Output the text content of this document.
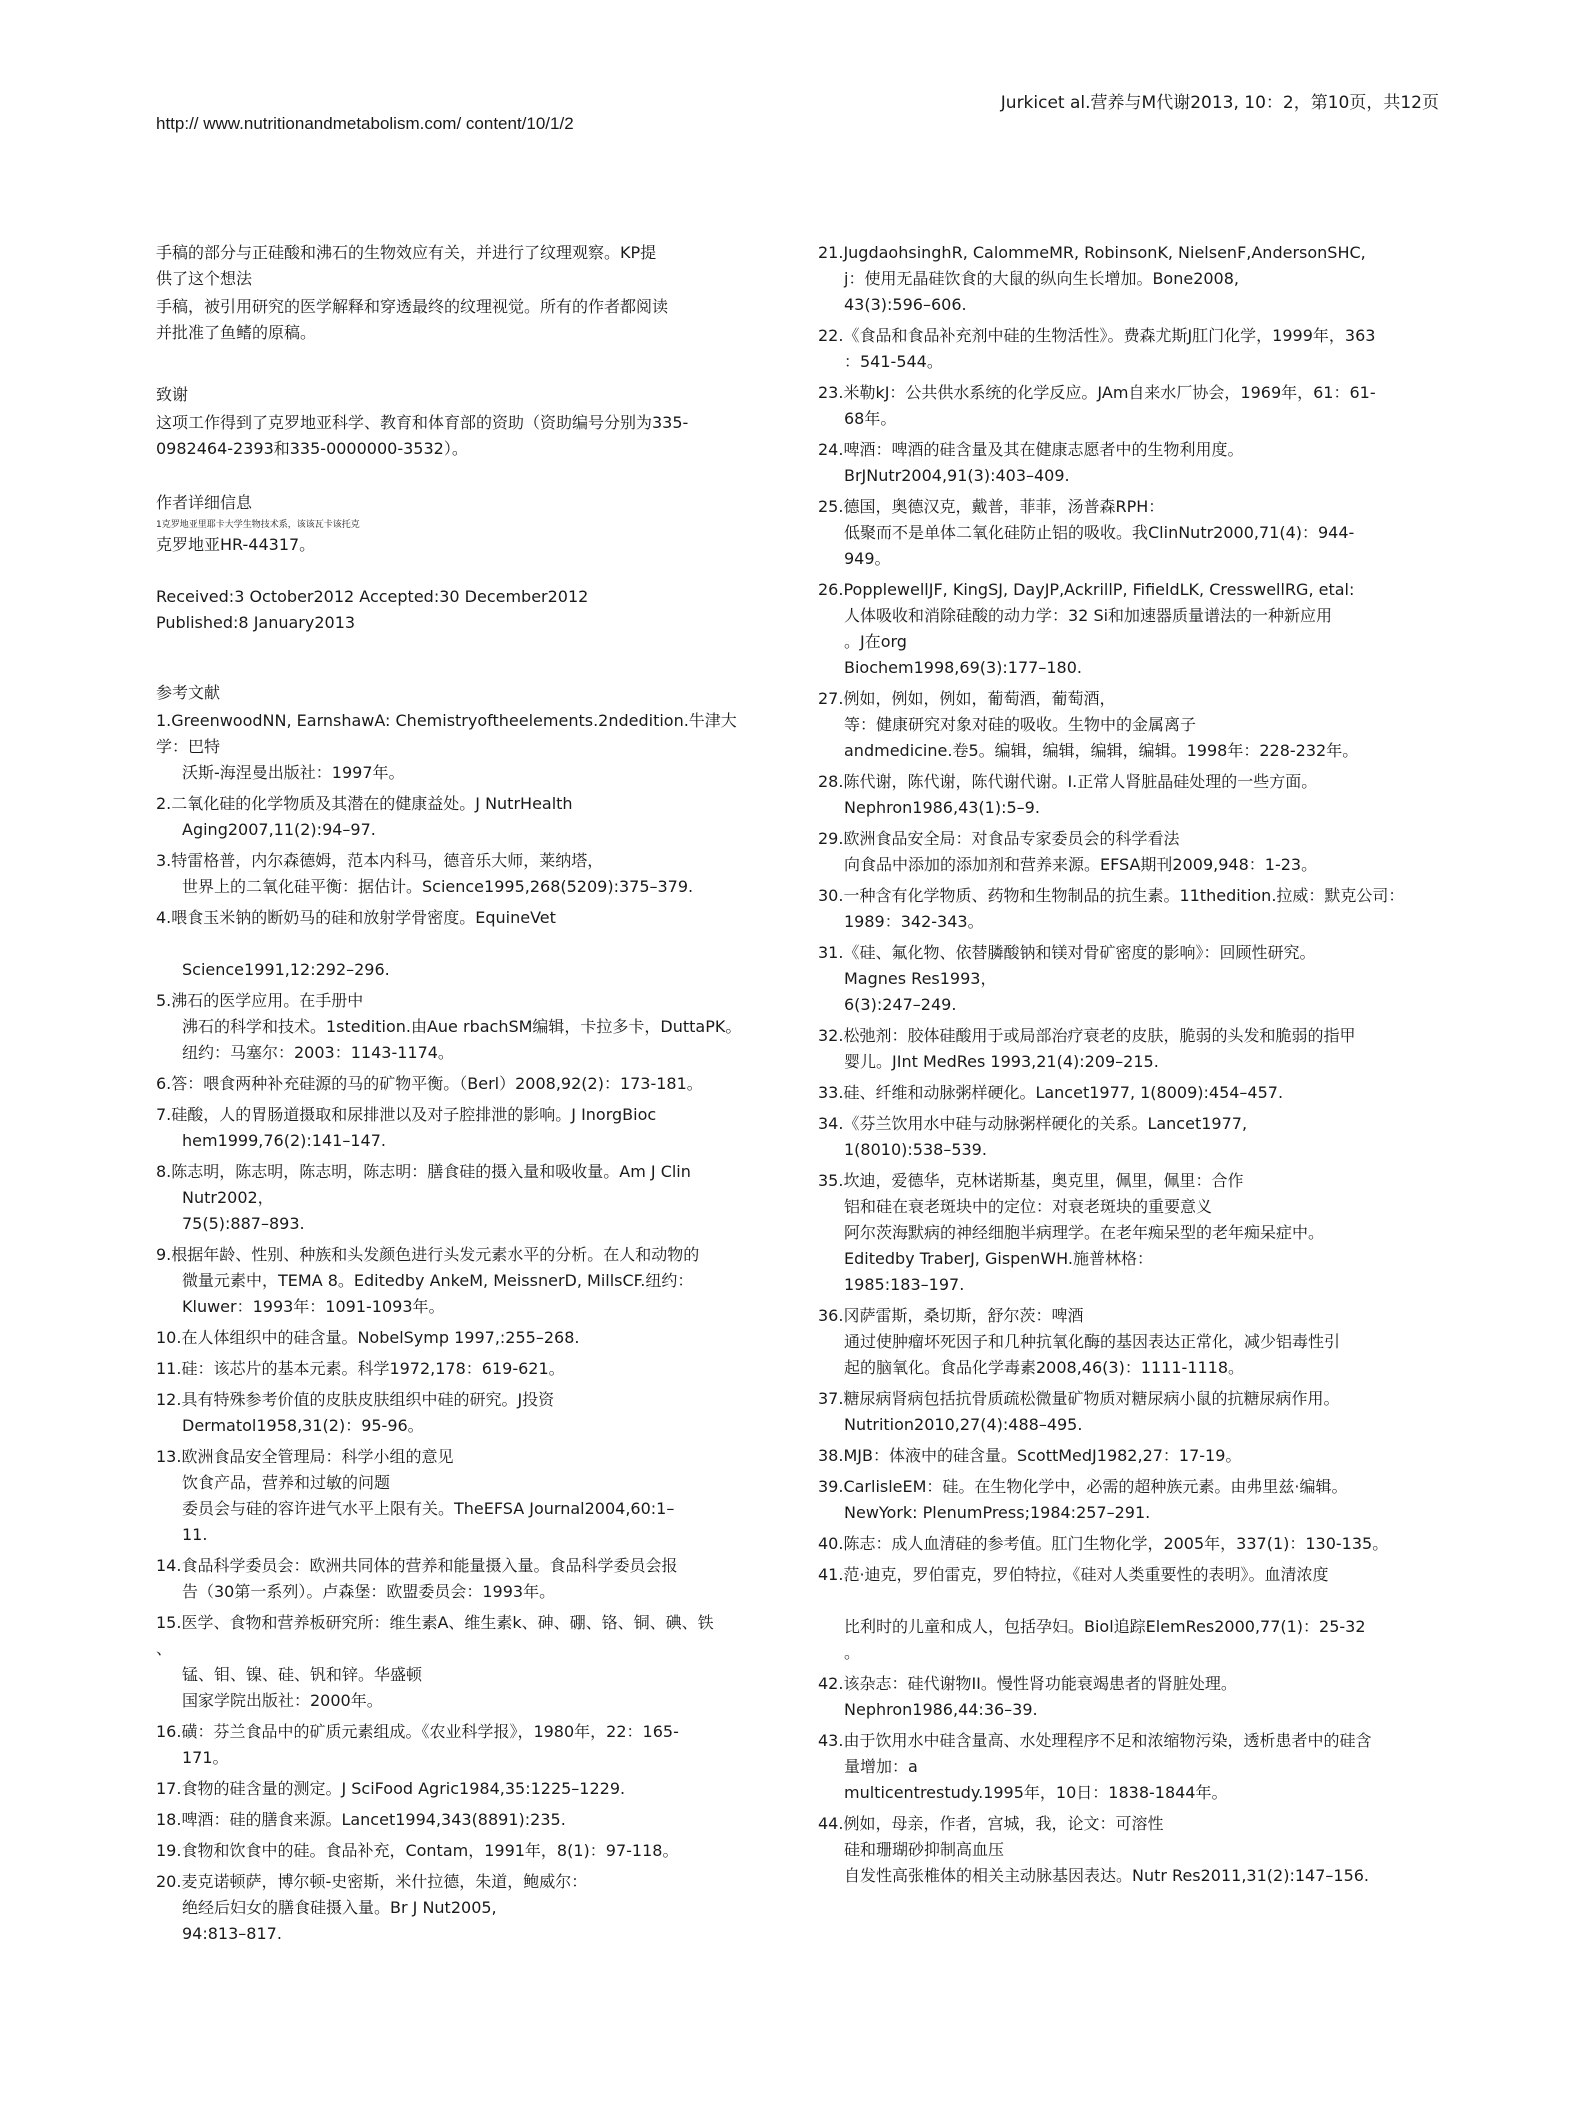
Jurkicet al.营养与M代谢2013, 10：2，第10页，共12页
http:// www.nutritionandmetabolism.com/ content/10/1/2
手稿的部分与正硅酸和沸石的生物效应有关，并进行了纹理观察。KP提
供了这个想法
手稿，被引用研究的医学解释和穿透最终的纹理视觉。所有的作者都阅读
并批准了鱼鳍的原稿。
致谢
这项工作得到了克罗地亚科学、教育和体育部的资助（资助编号分别为335-
0982464-2393和335-0000000-3532）。
作者详细信息
1克罗地亚里耶卡大学生物技术系，该该瓦卡该托克
克罗地亚HR-44317。
Received:3 October2012 Accepted:30 December2012
Published:8 January2013
参考文献
1.GreenwoodNN, EarnshawA: Chemistryoftheelements.2ndedition.牛津大学：巴特
沃斯-海涅曼出版社：1997年。
2.二氧化硅的化学物质及其潜在的健康益处。J NutrHealth
Aging2007,11(2):94–97.
3.特雷格普，内尔森德姆，范本内科马，德音乐大师，莱纳塔，
世界上的二氧化硅平衡：据估计。Science1995,268(5209):375–379.
4.喂食玉米钠的断奶马的硅和放射学骨密度。EquineVet

Science1991,12:292–296.
5.沸石的医学应用。在手册中
沸石的科学和技术。1stedition.由Aue rbachSM编辑，卡拉多卡，DuttaPK。
纽约：马塞尔：2003：1143-1174。
6.答：喂食两种补充硅源的马的矿物平衡。（Berl）2008,92(2)：173-181。
7.硅酸，人的胃肠道摄取和尿排泄以及对子腔排泄的影响。J InorgBioc
hem1999,76(2):141–147.
8.陈志明，陈志明，陈志明，陈志明：膳食硅的摄入量和吸收量。Am J Clin
Nutr2002，
75(5):887–893.
9.根据年龄、性别、种族和头发颜色进行头发元素水平的分析。在人和动物的
微量元素中，TEMA 8。Editedby AnkeM, MeissnerD, MillsCF.纽约：
Kluwer：1993年：1091-1093年。
10.在人体组织中的硅含量。NobelSymp 1997,:255–268.
11.硅：该芯片的基本元素。科学1972,178：619-621。
12.具有特殊参考价值的皮肤皮肤组织中硅的研究。J投资
Dermatol1958,31(2)：95-96。
13.欧洲食品安全管理局：科学小组的意见
饮食产品，营养和过敏的问题
委员会与硅的容许进气水平上限有关。TheEFSA Journal2004,60:1–
11.
14.食品科学委员会：欧洲共同体的营养和能量摄入量。食品科学委员会报
告（30第一系列）。卢森堡：欧盟委员会：1993年。
15.医学、食物和营养板研究所：维生素A、维生素k、砷、硼、铬、铜、碘、铁
、
锰、钼、镍、硅、钒和锌。华盛顿
国家学院出版社：2000年。
16.磺：芬兰食品中的矿质元素组成。《农业科学报》，1980年，22：165-
171。
17.食物的硅含量的测定。J SciFood Agric1984,35:1225–1229.
18.啤酒：硅的膳食来源。Lancet1994,343(8891):235.
19.食物和饮食中的硅。食品补充，Contam，1991年，8(1)：97-118。
20.麦克诺顿萨，博尔顿-史密斯，米什拉德，朱道，鲍威尔：
绝经后妇女的膳食硅摄入量。Br J Nut2005,
94:813–817.
21.JugdaohsinghR, CalommeMR, RobinsonK, NielsenF,AndersonSHC,
j：使用无晶硅饮食的大鼠的纵向生长增加。Bone2008,
43(3):596–606.
22.《食品和食品补充剂中硅的生物活性》。费森尤斯J肛门化学，1999年，363
：541-544。
23.米勒kJ：公共供水系统的化学反应。JAm自来水厂协会，1969年，61：61-
68年。
24.啤酒：啤酒的硅含量及其在健康志愿者中的生物利用度。
BrJNutr2004,91(3):403–409.
25.德国，奥德汉克，戴普，菲菲，汤普森RPH：
低聚而不是单体二氧化硅防止铝的吸收。我ClinNutr2000,71(4)：944-
949。
26.PopplewellJF, KingSJ, DayJP,AckrillP, FifieldLK, CresswellRG, etal:
人体吸收和消除硅酸的动力学：32 Si和加速器质量谱法的一种新应用
。J在org
Biochem1998,69(3):177–180.
27.例如，例如，例如，葡萄酒，葡萄酒，
等：健康研究对象对硅的吸收。生物中的金属离子
andmedicine.卷5。编辑，编辑，编辑，编辑。1998年：228-232年。
28.陈代谢，陈代谢，陈代谢代谢。I.正常人肾脏晶硅处理的一些方面。
Nephron1986,43(1):5–9.
29.欧洲食品安全局：对食品专家委员会的科学看法
向食品中添加的添加剂和营养来源。EFSA期刊2009,948：1-23。
30.一种含有化学物质、药物和生物制品的抗生素。11thedition.拉威：默克公司：
1989：342-343。
31.《硅、氟化物、依替膦酸钠和镁对骨矿密度的影响》：回顾性研究。
Magnes Res1993，
6(3):247–249.
32.松弛剂：胶体硅酸用于或局部治疗衰老的皮肤，脆弱的头发和脆弱的指甲
婴儿。JInt MedRes 1993,21(4):209–215.
33.硅、纤维和动脉粥样硬化。Lancet1977, 1(8009):454–457.
34.《芬兰饮用水中硅与动脉粥样硬化的关系。Lancet1977,
1(8010):538–539.
35.坎迪，爱德华，克林诺斯基，奥克里，佩里，佩里：合作
铝和硅在衰老斑块中的定位：对衰老斑块的重要意义
阿尔茨海默病的神经细胞半病理学。在老年痴呆型的老年痴呆症中。
Editedby TraberJ, GispenWH.施普林格：
1985:183–197.
36.冈萨雷斯，桑切斯，舒尔茨：啤酒
通过使肿瘤坏死因子和几种抗氧化酶的基因表达正常化，减少铝毒性引
起的脑氧化。食品化学毒素2008,46(3)：1111-1118。
37.糖尿病肾病包括抗骨质疏松微量矿物质对糖尿病小鼠的抗糖尿病作用。
Nutrition2010,27(4):488–495.
38.MJB：体液中的硅含量。ScottMedJ1982,27：17-19。
39.CarlisleEM：硅。在生物化学中，必需的超种族元素。由弗里兹·编辑。
NewYork: PlenumPress;1984:257–291.
40.陈志：成人血清硅的参考值。肛门生物化学，2005年，337(1)：130-135。
41.范·迪克，罗伯雷克，罗伯特拉，《硅对人类重要性的表明》。血清浓度

比利时的儿童和成人，包括孕妇。Biol追踪ElemRes2000,77(1)：25-32
。
42.该杂志：硅代谢物II。慢性肾功能衰竭患者的肾脏处理。
Nephron1986,44:36–39.
43.由于饮用水中硅含量高、水处理程序不足和浓缩物污染，透析患者中的硅含
量增加：a
multicentrestudy.1995年，10日：1838-1844年。
44.例如，母亲，作者，宫城，我，论文：可溶性
硅和珊瑚砂抑制高血压
自发性高张椎体的相关主动脉基因表达。Nutr Res2011,31(2):147–156.
